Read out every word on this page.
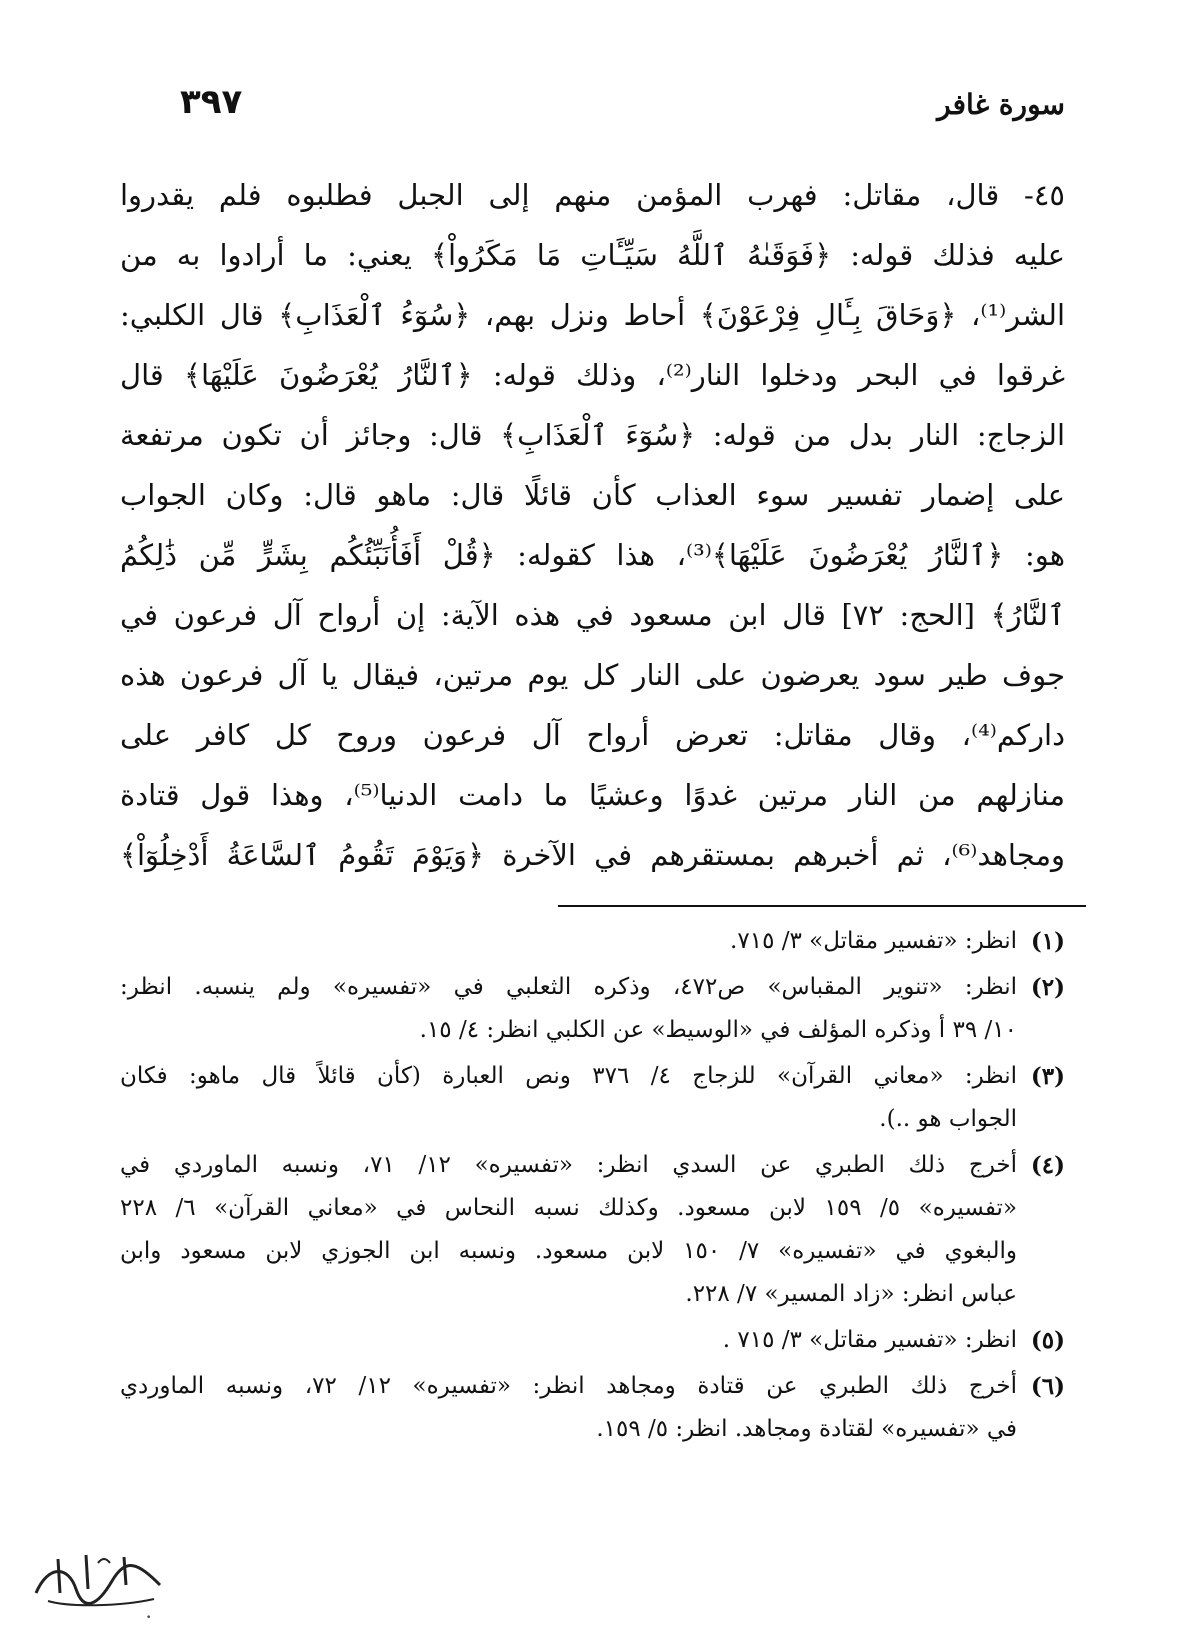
سورة غافر
٣٩٧
٤٥- قال، مقاتل: فهرب المؤمن منهم إلى الجبل فطلبوه فلم يقدروا
عليه فذلك قوله: ﴿فَوَقَىٰهُ ٱللَّهُ سَيِّـَٔاتِ مَا مَكَرُواْ﴾ يعني: ما أرادوا به من
الشر⁽¹⁾، ﴿وَحَاقَ بِـَٔالِ فِرْعَوْنَ﴾ أحاط ونزل بهم، ﴿سُوٓءُ ٱلْعَذَابِ﴾ قال الكلبي:
غرقوا في البحر ودخلوا النار⁽²⁾، وذلك قوله: ﴿ٱلنَّارُ يُعْرَضُونَ عَلَيْهَا﴾ قال
الزجاج: النار بدل من قوله: ﴿سُوٓءَ ٱلْعَذَابِ﴾ قال: وجائز أن تكون مرتفعة
على إضمار تفسير سوء العذاب كأن قائلًا قال: ماهو قال: وكان الجواب
هو: ﴿ٱلنَّارُ يُعْرَضُونَ عَلَيْهَا﴾⁽³⁾، هذا كقوله: ﴿قُلْ أَفَأُنَبِّئُكُم بِشَرٍّ مِّن ذَٰلِكُمُ
ٱلنَّارُ﴾ [الحج: ٧٢] قال ابن مسعود في هذه الآية: إن أرواح آل فرعون في
جوف طير سود يعرضون على النار كل يوم مرتين، فيقال يا آل فرعون هذه
داركم⁽⁴⁾، وقال مقاتل: تعرض أرواح آل فرعون وروح كل كافر على
منازلهم من النار مرتين غدوًا وعشيًا ما دامت الدنيا⁽⁵⁾، وهذا قول قتادة
ومجاهد⁽⁶⁾، ثم أخبرهم بمستقرهم في الآخرة ﴿وَيَوْمَ تَقُومُ ٱلسَّاعَةُ أَدْخِلُوٓاْ﴾
(١)
انظر: «تفسير مقاتل» ٣/ ٧١٥.
(٢)
انظر: «تنوير المقباس» ص٤٧٢، وذكره الثعلبي في «تفسيره» ولم ينسبه. انظر:
١٠/ ٣٩ أ وذكره المؤلف في «الوسيط» عن الكلبي انظر: ٤/ ١٥.
(٣)
انظر: «معاني القرآن» للزجاج ٤/ ٣٧٦ ونص العبارة (كأن قائلاً قال ماهو: فكان
الجواب هو ..).
(٤)
أخرج ذلك الطبري عن السدي انظر: «تفسيره» ١٢/ ٧١، ونسبه الماوردي في
«تفسيره» ٥/ ١٥٩ لابن مسعود. وكذلك نسبه النحاس في «معاني القرآن» ٦/ ٢٢٨
والبغوي في «تفسيره» ٧/ ١٥٠ لابن مسعود. ونسبه ابن الجوزي لابن مسعود وابن
عباس انظر: «زاد المسير» ٧/ ٢٢٨.
(٥)
انظر: «تفسير مقاتل» ٣/ ٧١٥ .
(٦)
أخرج ذلك الطبري عن قتادة ومجاهد انظر: «تفسيره» ١٢/ ٧٢، ونسبه الماوردي
في «تفسيره» لقتادة ومجاهد. انظر: ٥/ ١٥٩.
•
